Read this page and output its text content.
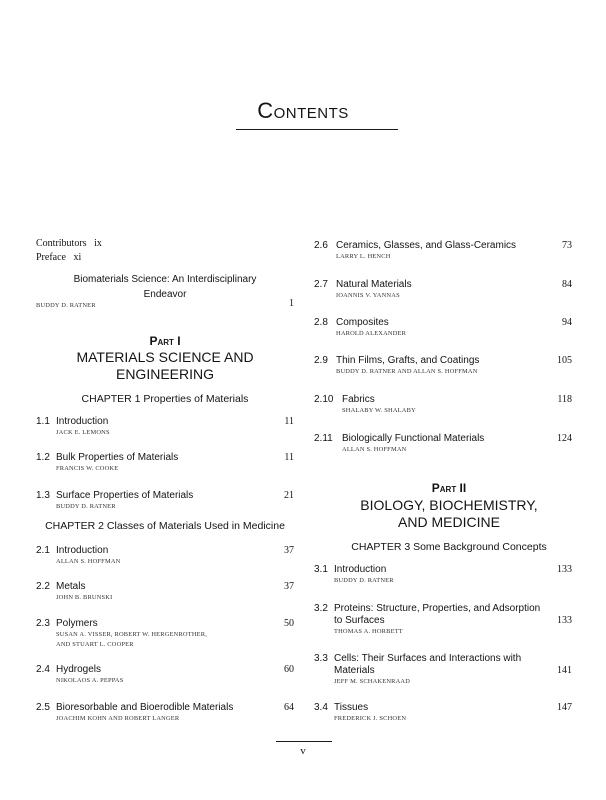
Contents
Contributors ix
Preface xi
Biomaterials Science: An Interdisciplinary
Endeavor
BUDDY D. RATNER	1
Part I
MATERIALS SCIENCE AND
ENGINEERING
CHAPTER 1 Properties of Materials
1.1 Introduction	11
JACK E. LEMONS
1.2 Bulk Properties of Materials	11
FRANCIS W. COOKE
1.3 Surface Properties of Materials	21
BUDDY D. RATNER
CHAPTER 2 Classes of Materials Used in Medicine
2.1 Introduction	37
ALLAN S. HOFFMAN
2.2 Metals	37
JOHN B. BRUNSKI
2.3 Polymers	50
SUSAN A. VISSER, ROBERT W. HERGENROTHER,
AND STUART L. COOPER
2.4 Hydrogels	60
NIKOLAOS A. PEPPAS
2.5 Bioresorbable and Bioerodible Materials	64
JOACHIM KOHN AND ROBERT LANGER
2.6 Ceramics, Glasses, and Glass-Ceramics	73
LARRY L. HENCH
2.7 Natural Materials	84
IOANNIS V. YANNAS
2.8 Composites	94
HAROLD ALEXANDER
2.9 Thin Films, Grafts, and Coatings	105
BUDDY D. RATNER AND ALLAN S. HOFFMAN
2.10 Fabrics	118
SHALABY W. SHALABY
2.11 Biologically Functional Materials	124
ALLAN S. HOFFMAN
Part II
BIOLOGY, BIOCHEMISTRY,
AND MEDICINE
CHAPTER 3 Some Background Concepts
3.1 Introduction	133
BUDDY D. RATNER
3.2 Proteins: Structure, Properties, and Adsorption
to Surfaces	133
THOMAS A. HORBETT
3.3 Cells: Their Surfaces and Interactions with
Materials	141
JEFF M. SCHAKENRAAD
3.4 Tissues	147
FREDERICK J. SCHOEN
v
